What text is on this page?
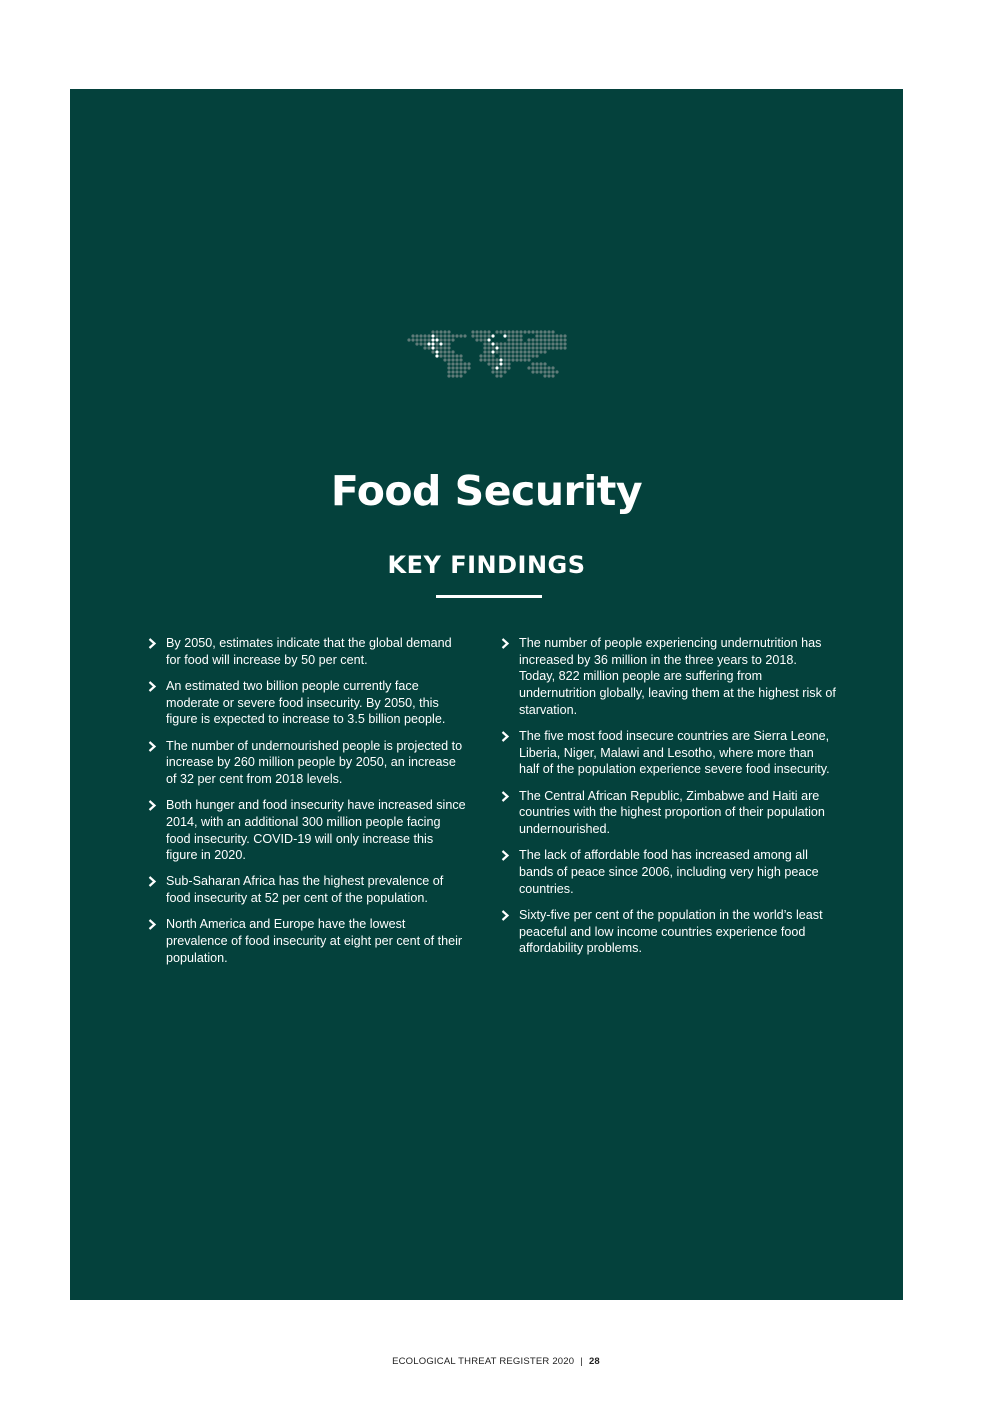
Food Security
KEY FINDINGS
By 2050, estimates indicate that the global demand for food will increase by 50 per cent.
An estimated two billion people currently face moderate or severe food insecurity. By 2050, this figure is expected to increase to 3.5 billion people.
The number of undernourished people is projected to increase by 260 million people by 2050, an increase of 32 per cent from 2018 levels.
Both hunger and food insecurity have increased since 2014, with an additional 300 million people facing food insecurity. COVID-19 will only increase this figure in 2020.
Sub-Saharan Africa has the highest prevalence of food insecurity at 52 per cent of the population.
North America and Europe have the lowest prevalence of food insecurity at eight per cent of their population.
The number of people experiencing undernutrition has increased by 36 million in the three years to 2018. Today, 822 million people are suffering from undernutrition globally, leaving them at the highest risk of starvation.
The five most food insecure countries are Sierra Leone, Liberia, Niger, Malawi and Lesotho, where more than half of the population experience severe food insecurity.
The Central African Republic, Zimbabwe and Haiti are countries with the highest proportion of their population undernourished.
The lack of affordable food has increased among all bands of peace since 2006, including very high peace countries.
Sixty-five per cent of the population in the world’s least peaceful and low income countries experience food affordability problems.
ECOLOGICAL THREAT REGISTER 2020 | 28
